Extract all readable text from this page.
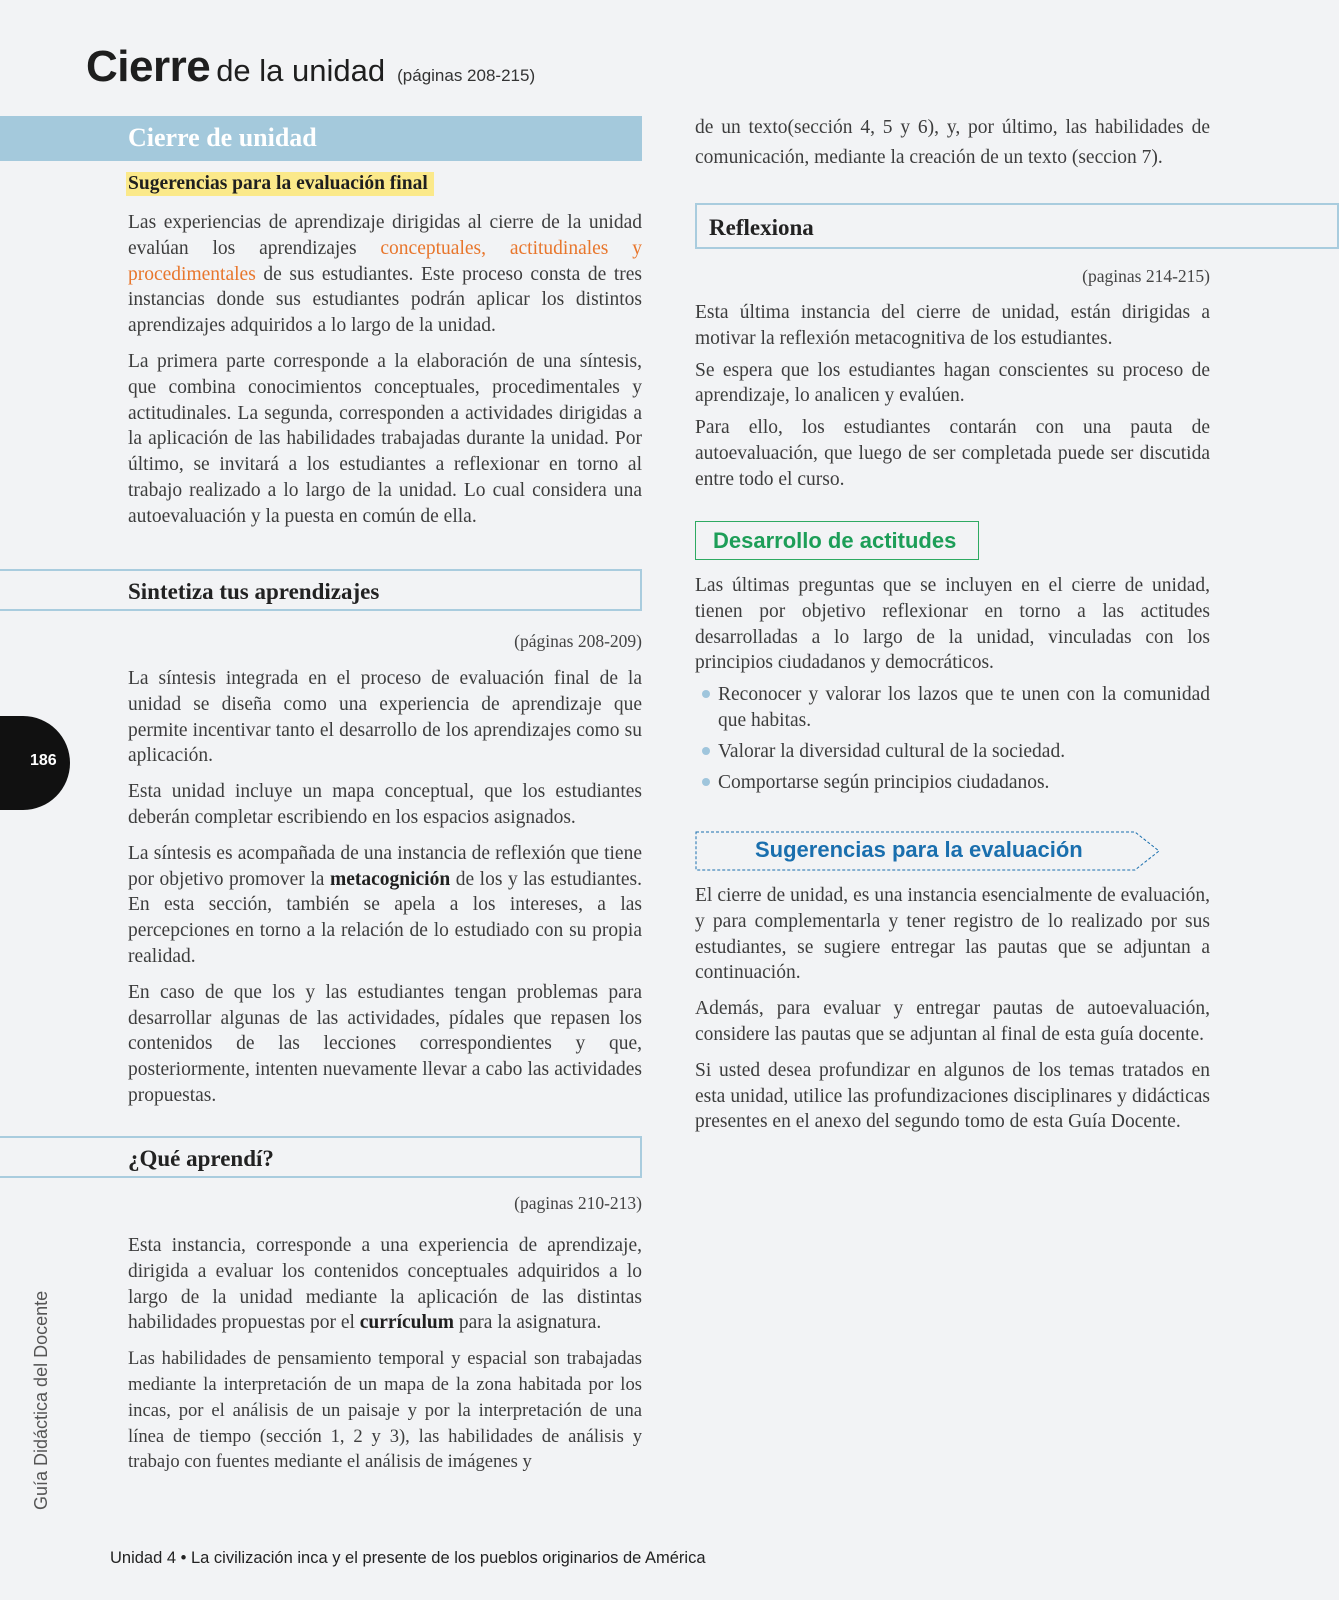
Cierre de la unidad (páginas 208-215)
Cierre de unidad
Sugerencias para la evaluación final

Las experiencias de aprendizaje dirigidas al cierre de la unidad evalúan los aprendizajes conceptuales, actitudinales y procedimentales de sus estudiantes. Este proceso consta de tres instancias donde sus estudiantes podrán aplicar los distintos aprendizajes adquiridos a lo largo de la unidad.

La primera parte corresponde a la elaboración de una síntesis, que combina conocimientos conceptuales, procedimentales y actitudinales. La segunda, corresponden a actividades dirigidas a la aplicación de las habilidades trabajadas durante la unidad. Por último, se invitará a los estudiantes a reflexionar en torno al trabajo realizado a lo largo de la unidad. Lo cual considera una autoevaluación y la puesta en común de ella.

Sintetiza tus aprendizajes
(páginas 208-209)

La síntesis integrada en el proceso de evaluación final de la unidad se diseña como una experiencia de aprendizaje que permite incentivar tanto el desarrollo de los aprendizajes como su aplicación.

Esta unidad incluye un mapa conceptual, que los estudiantes deberán completar escribiendo en los espacios asignados.

La síntesis es acompañada de una instancia de reflexión que tiene por objetivo promover la metacognición de los y las estudiantes. En esta sección, también se apela a los intereses, a las percepciones en torno a la relación de lo estudiado con su propia realidad.

En caso de que los y las estudiantes tengan problemas para desarrollar algunas de las actividades, pídales que repasen los contenidos de las lecciones correspondientes y que, posteriormente, intenten nuevamente llevar a cabo las actividades propuestas.

¿Qué aprendí?
(paginas 210-213)

Esta instancia, corresponde a una experiencia de aprendizaje, dirigida a evaluar los contenidos conceptuales adquiridos a lo largo de la unidad mediante la aplicación de las distintas habilidades propuestas por el currículum para la asignatura.

Las habilidades de pensamiento temporal y espacial son trabajadas mediante la interpretación de un mapa de la zona habitada por los incas, por el análisis de un paisaje y por la interpretación de una línea de tiempo (sección 1, 2 y 3), las habilidades de análisis y trabajo con fuentes mediante el análisis de imágenes y

de un texto(sección 4, 5 y 6), y, por último, las habilidades de comunicación, mediante la creación de un texto (seccion 7).

Reflexiona
(paginas 214-215)

Esta última instancia del cierre de unidad, están dirigidas a motivar la reflexión metacognitiva de los estudiantes.

Se espera que los estudiantes hagan conscientes su proceso de aprendizaje, lo analicen y evalúen.

Para ello, los estudiantes contarán con una pauta de autoevaluación, que luego de ser completada puede ser discutida entre todo el curso.

Desarrollo de actitudes

Las últimas preguntas que se incluyen en el cierre de unidad, tienen por objetivo reflexionar en torno a las actitudes desarrolladas a lo largo de la unidad, vinculadas con los principios ciudadanos y democráticos.

Reconocer y valorar los lazos que te unen con la comunidad que habitas.
Valorar la diversidad cultural de la sociedad.
Comportarse según principios ciudadanos.
Sugerencias para la evaluación

El cierre de unidad, es una instancia esencialmente de evaluación, y para complementarla y tener registro de lo realizado por sus estudiantes, se sugiere entregar las pautas que se adjuntan a continuación.

Además, para evaluar y entregar pautas de autoevaluación, considere las pautas que se adjuntan al final de esta guía docente.

Si usted desea profundizar en algunos de los temas tratados en esta unidad, utilice las profundizaciones disciplinares y didácticas presentes en el anexo del segundo tomo de esta Guía Docente.

186
Guía Didáctica del Docente
Unidad 4 • La civilización inca y el presente de los pueblos originarios de América
